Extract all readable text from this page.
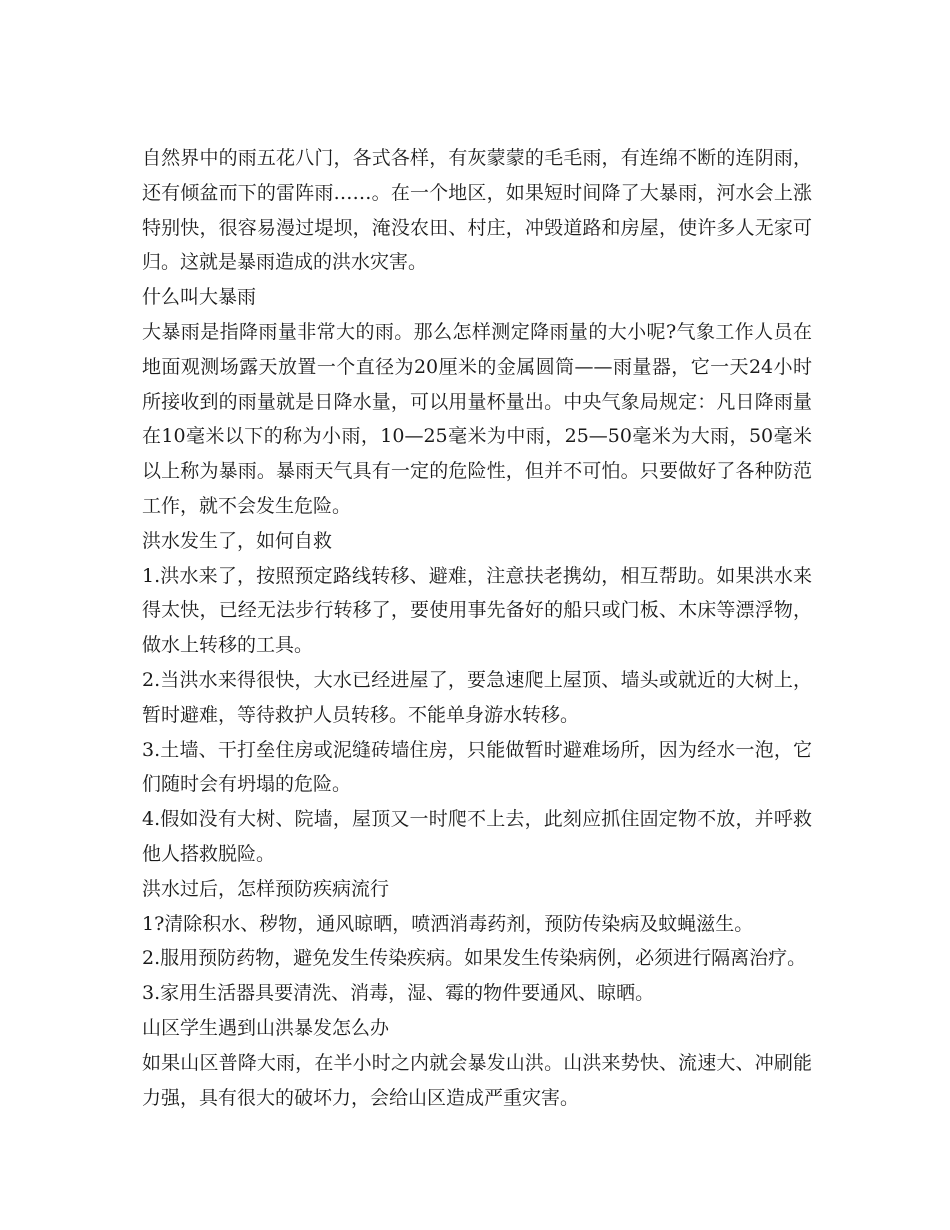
自然界中的雨五花八门，各式各样，有灰蒙蒙的毛毛雨，有连绵不断的连阴雨，还有倾盆而下的雷阵雨……。在一个地区，如果短时间降了大暴雨，河水会上涨特别快，很容易漫过堤坝，淹没农田、村庄，冲毁道路和房屋，使许多人无家可归。这就是暴雨造成的洪水灾害。

什么叫大暴雨

大暴雨是指降雨量非常大的雨。那么怎样测定降雨量的大小呢?气象工作人员在地面观测场露天放置一个直径为20厘米的金属圆筒——雨量器，它一天24小时所接收到的雨量就是日降水量，可以用量杯量出。中央气象局规定：凡日降雨量在10毫米以下的称为小雨，10—25毫米为中雨，25—50毫米为大雨，50毫米以上称为暴雨。暴雨天气具有一定的危险性，但并不可怕。只要做好了各种防范工作，就不会发生危险。

洪水发生了，如何自救

1.洪水来了，按照预定路线转移、避难，注意扶老携幼，相互帮助。如果洪水来得太快，已经无法步行转移了，要使用事先备好的船只或门板、木床等漂浮物，做水上转移的工具。

2.当洪水来得很快，大水已经进屋了，要急速爬上屋顶、墙头或就近的大树上，暂时避难，等待救护人员转移。不能单身游水转移。

3.土墙、干打垒住房或泥缝砖墙住房，只能做暂时避难场所，因为经水一泡，它们随时会有坍塌的危险。

4.假如没有大树、院墙，屋顶又一时爬不上去，此刻应抓住固定物不放，并呼救他人搭救脱险。

洪水过后，怎样预防疾病流行

1?清除积水、秽物，通风晾晒，喷洒消毒药剂，预防传染病及蚊蝇滋生。

2.服用预防药物，避免发生传染疾病。如果发生传染病例，必须进行隔离治疗。

3.家用生活器具要清洗、消毒，湿、霉的物件要通风、晾晒。

山区学生遇到山洪暴发怎么办

如果山区普降大雨，在半小时之内就会暴发山洪。山洪来势快、流速大、冲刷能力强，具有很大的破坏力，会给山区造成严重灾害。
